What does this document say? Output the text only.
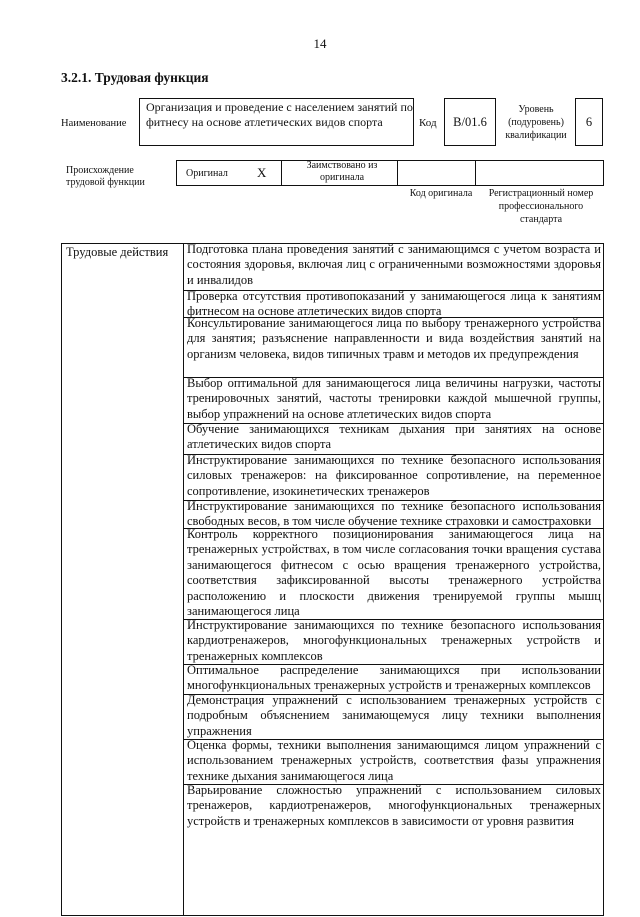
14
3.2.1. Трудовая функция
Наименование
Организация и проведение с населением занятий по фитнесу на основе атлетических видов спорта	Код	B/01.6
Уровень (подуровень) квалификации
6
Происхождение трудовой функции
Оригинал X	Заимствовано из оригинала
Код оригинала	Регистрационный номер профессионального стандарта
Трудовые действия Подготовка плана проведения занятий с занимающимся с учетом возраста и состояния здоровья, включая лиц с ограниченными возможностями здоровья и инвалидов
Проверка отсутствия противопоказаний у занимающегося лица к занятиям фитнесом на основе атлетических видов спорта
Консультирование занимающегося лица по выбору тренажерного устройства для занятия; разъяснение направленности и вида воздействия занятий на организм человека, видов типичных травм и методов их предупреждения
Выбор оптимальной для занимающегося лица величины нагрузки, частоты тренировочных занятий, частоты тренировки каждой мышечной группы, выбор упражнений на основе атлетических видов спорта
Обучение занимающихся техникам дыхания при занятиях на основе атлетических видов спорта
Инструктирование занимающихся по технике безопасного использования силовых тренажеров: на фиксированное сопротивление, на переменное сопротивление, изокинетических тренажеров
Инструктирование занимающихся по технике безопасного использования свободных весов, в том числе обучение технике страховки и самостраховки
Контроль корректного позиционирования занимающегося лица на тренажерных устройствах, в том числе согласования точки вращения сустава занимающегося фитнесом с осью вращения тренажерного устройства, соответствия зафиксированной высоты тренажерного устройства расположению и плоскости движения тренируемой группы мышц занимающегося лица
Инструктирование занимающихся по технике безопасного использования кардиотренажеров, многофункциональных тренажерных устройств и тренажерных комплексов
Оптимальное распределение занимающихся при использовании многофункциональных тренажерных устройств и тренажерных комплексов
Демонстрация упражнений с использованием тренажерных устройств с подробным объяснением занимающемуся лицу техники выполнения упражнения
Оценка формы, техники выполнения занимающимся лицом упражнений с использованием тренажерных устройств, соответствия фазы упражнения технике дыхания занимающегося лица
Варьирование сложностью упражнений с использованием силовых тренажеров, кардиотренажеров, многофункциональных тренажерных устройств и тренажерных комплексов в зависимости от уровня развития
